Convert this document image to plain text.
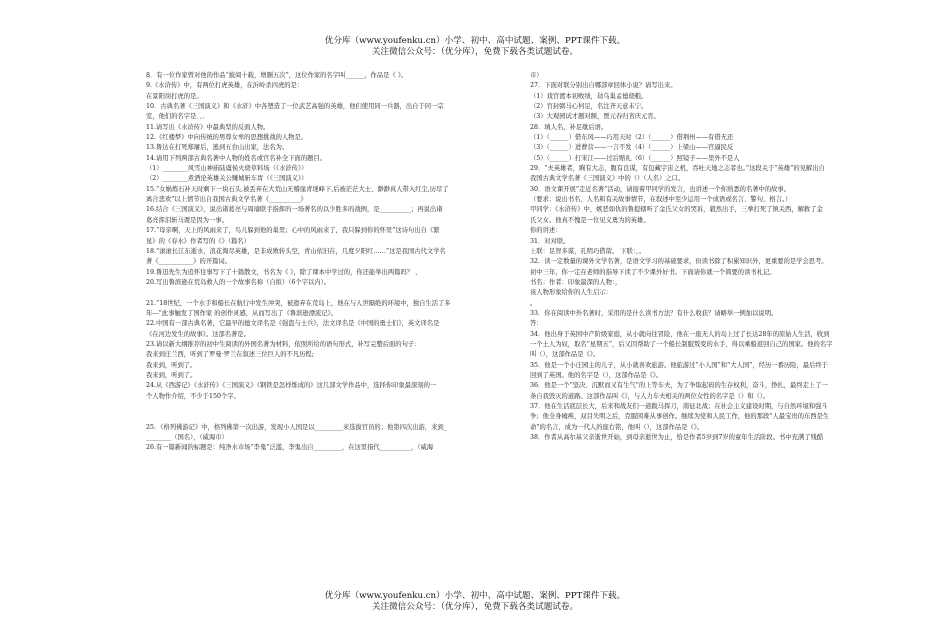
优分库（www.youfenku.cn）小学、初中、高中试题、案例、PPT课件下载。
关注微信公众号：（优分库），免费下载各类试题试卷。
8．有一位作家曾对他的作品“披阅十载，增删五次”，这位作家的名字叫______，作品是《 》。
9.《水浒传》中，有两位打虎英雄，在沂岭杀四虎的是：
在景阳岗打虎的是。
10．古典名著《三国演义》和《水浒》中各塑造了一位武艺高强的英雄，他们使用同一兵器，出自于同一宗
室，他们的名字是．、．
11.请写出《水浒传》中最典型的反面人物。
12.《红楼梦》中向传统的男尊女卑的思想挑战的人物是。
13.鲁达在打死郑屠后，逃到五台山出家，法名为。
14.请用下列两部古典名著中人物的姓名或官名补全下面的题目。
（1）________风雪山神庙陆虞侯火烧草料场（《水浒传》）
（2）________煮酒论英雄关公赚城斩车胄（《三国演义》）
15.“女娲炼石补天时剩下一块石头,被丢弃在大荒山无稽崖青埂峰下,后被茫茫大士、渺渺真人带入红尘,历尽了
离合悲欢”以上情节出自我国古典文学名著《__________》
16.结合《三国演义》，说出诸葛亮与周瑜联手指挥的一场著名的以少胜多的战例，是__________；再说出诸
葛亮挥泪斩马谡是因为一事。
17.“母亲啊，天上的风雨来了，鸟儿躲到他的巢里；心中的风雨来了，我只躲到你的怀里”这诗句出自《繁
星》的《春水》作者写的《》（篇名）
18.“滚滚长江东逝水，浪花淘尽英雄，是非成败转头空，青山依旧在，几度夕阳红……”这是我国古代文学名
著《___________》的开篇词。
19.鲁迅先生为追怀往事写下了十篇散文，书名为《 》，除了课本中学过的，你还能举出两篇吗？ 、
20.写出鲁滨逊在荒岛救人的一个故事名称（自拟）（6个字以内）。
21.“18世纪，一个水手和船长在航行中发生冲突，被遗弃在荒岛上，他在与人世隔绝的环境中，独自生活了多
年---”此事触发了国作家 的创作灵感，从而写出了《鲁滨逊漂流记》。
22.中国有一部古典名著，它最早的德文译名是《强盗与士兵》，法文译名是《中国的勇士们》，英文译名是
《在河边发生的故事》。这部名著是。
23.请以新大纲推荐的初中生阅读的外国名著为材料，依照所给的语句形式，补写完整后面的句子：
我来到庄兰西，听到了罗曼·罗兰在叙述三位巨人的不凡历程;
我来到，听到了。
我来到，听到了。
24.从《西游记》《水浒传》《三国演义》《钢铁是怎样炼成的》这几部文学作品中，选择你印象最深刻的一
个人物作介绍，不少于150个字。
25．《格列佛游记》中，格列佛第一次出游，发现小人国是以_________来选拔官员的；他第四次出游，来到_
________（国名），（威海市）
26.有一篇新闻的标题是：纯净水市场“李鬼”泛滥，李鬼出自_________，在这里指代__________，（威海
市）
27．下面对联分别出自哪部章回体小说？请写出来。
（1）戏官渡本初败绩，劫乌巢孟德烧粮。
（2）官封弼马心何足，名注齐天意未宁。
（3）大观园试才题对额，贾元春归省庆元宵。
28．填人名，补足歇后语。
（1）（______）借东风——巧用天时（2）（______）借荆州——有借无还
（3）（______）进曹营——一言不发（4）（______）上梁山——官逼民反
（5）（______）打宋江——过后赔礼（6）（______）照镜子——里外不是人
29．“夫英雄者，胸有大志，腹有良谋，有包藏宇宙之机，吞吐天地之志者也。”这段关于“英雄”的见解出自
我国古典文学名著《三国演义》中的（）（人名）之口。
30．语文课开展“走近名著”活动，请接着甲同学的发言，也讲述一个你熟悉的名著中的故事。
（要求：说出书名、人名和有关故事情节，在叙述中至少运用一个成语或名言、警句、格言。）
甲同学：《水浒传》中，嫉恶如仇的鲁提辖听了金氏父女的哭诉，毅然出手，三拳打死了镇关西，解救了金
氏父女。他真不愧是一位见义勇为的英雄。
你的讲述：
31．对对联。
上联：足智多谋，孔明巧借箭。 下联：，。
32．读一定数量的课外文学名著，是语文学习的基础要求，但读书除了积累知识外，更重要的是学会思考。
初中三年，你一定在老师的指导下读了不少课外好书。下面请你就一个简要的读书札记。
书名：作者：印象最深的人物：，
该人物形象给你的人生启示：
。
33．你在阅读中外名著时，采用的是什么读书方法？有什么收获？请略举一例加以说明。
答：
34．他出身于英国中产阶级家庭，从小就向往冒险，他在一座无人的岛上过了长达28年的原始人生活，收到
一个土人为奴，取名“星期五”，后又因帮助了一个船长制服叛变的水手，得以乘船返回自己的国家。他的名字
叫（），这部作品是《》。
35．他是一个小庄园主的儿子，从小就喜欢旅游。他旅游过“小人国”和“大人国”，经历一番历险，最后终于
回到了英国。他的名字是（），这部作品是《》。
36．他是一个“坚决、沉默而又有生气”的上等车夫，为了争取起码的生存权利，奋斗，挣扎，最终走上了一
条自我毁灭的道路。这部作品叫《》，与人力车夫相关的两位女性的名字是（）和（）。
37．他在生活底层长大，后来和战友们一道跋马挥刀，南征北战；在社会主义建设时期，与自然环境和强斗
争；他全身瘫痪，双目失明之后，克服困难从事创作。继续为党和人民工作，他的那段“人最宝贵的东西是生
命”的名言，成为一代人的座右铭，他叫（），这部作品是《》。
38．作者从高尔基父亲逝世开始，到母亲逝世为止，恰是作者5岁到7岁的童年生活阶段。书中充满了残酷
优分库（www.youfenku.cn）小学、初中、高中试题、案例、PPT课件下载。
关注微信公众号：（优分库），免费下载各类试题试卷。
